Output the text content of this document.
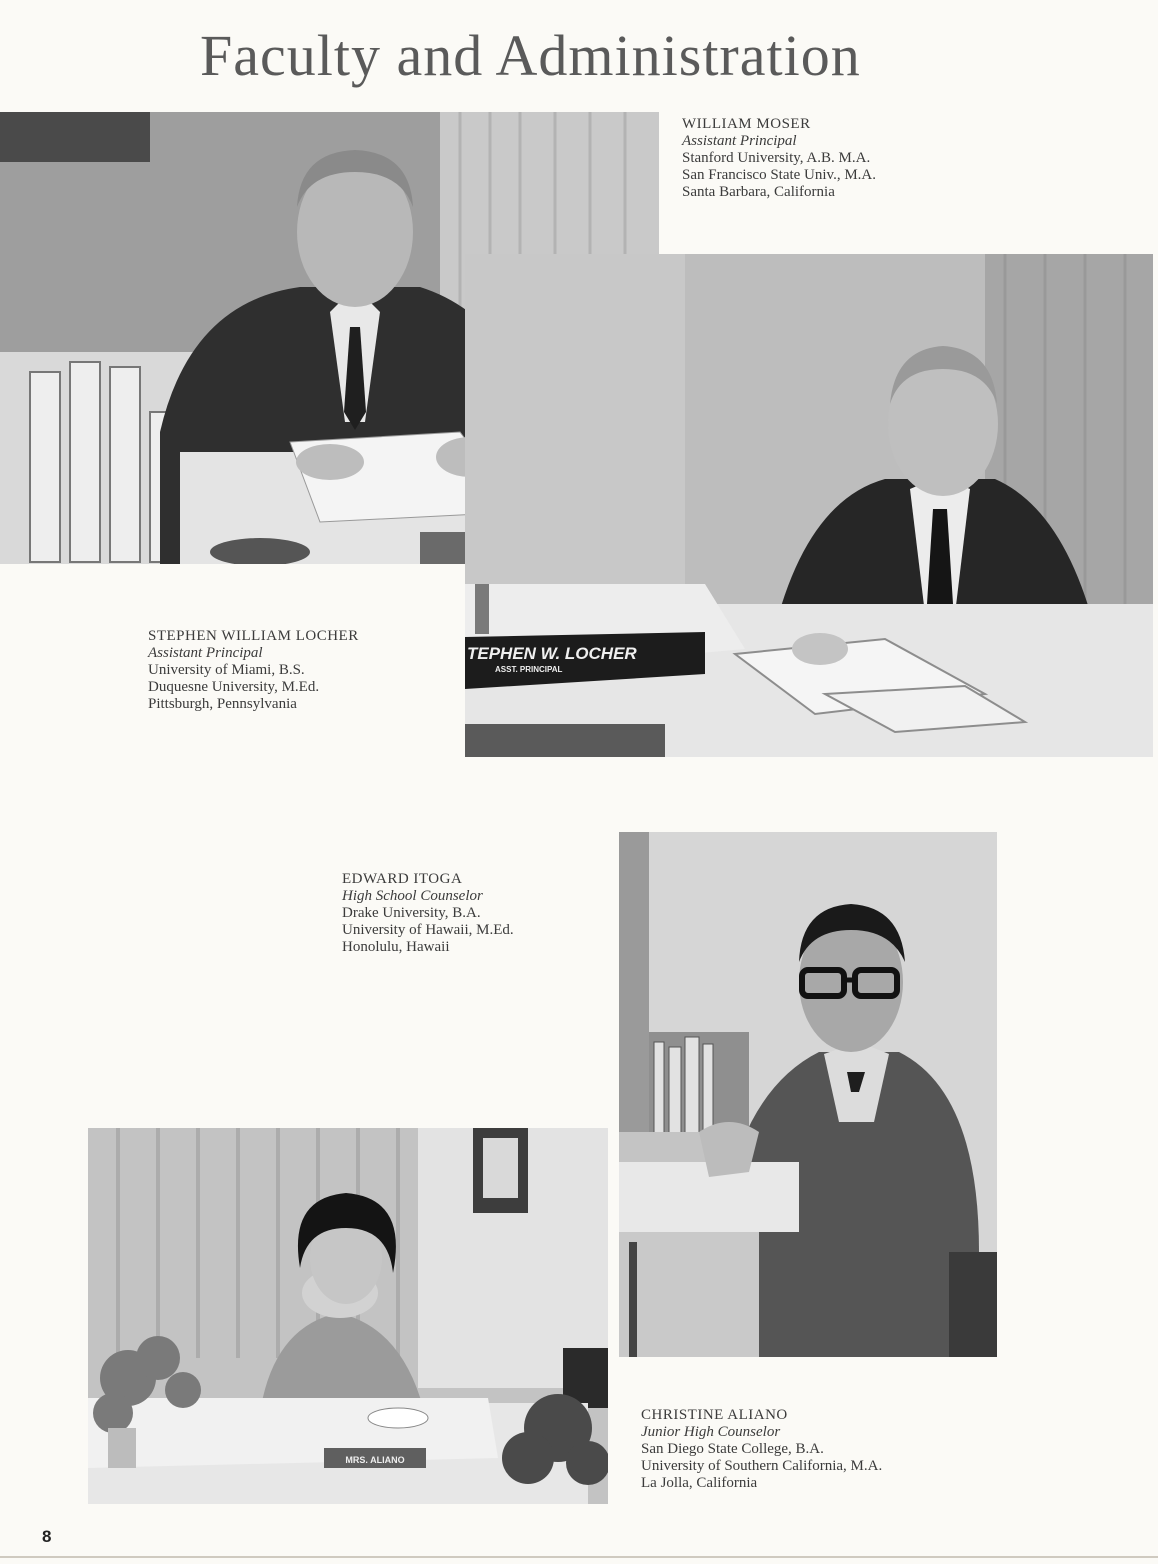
Faculty and Administration
WILLIAM MOSER
Assistant Principal
Stanford University, A.B. M.A.
San Francisco State Univ., M.A.
Santa Barbara, California
TEPHEN W. LOCHER
ASST. PRINCIPAL
STEPHEN WILLIAM LOCHER
Assistant Principal
University of Miami, B.S.
Duquesne University, M.Ed.
Pittsburgh, Pennsylvania
EDWARD ITOGA
High School Counselor
Drake University, B.A.
University of Hawaii, M.Ed.
Honolulu, Hawaii
MRS. ALIANO
CHRISTINE ALIANO
Junior High Counselor
San Diego State College, B.A.
University of Southern California, M.A.
La Jolla, California
8
